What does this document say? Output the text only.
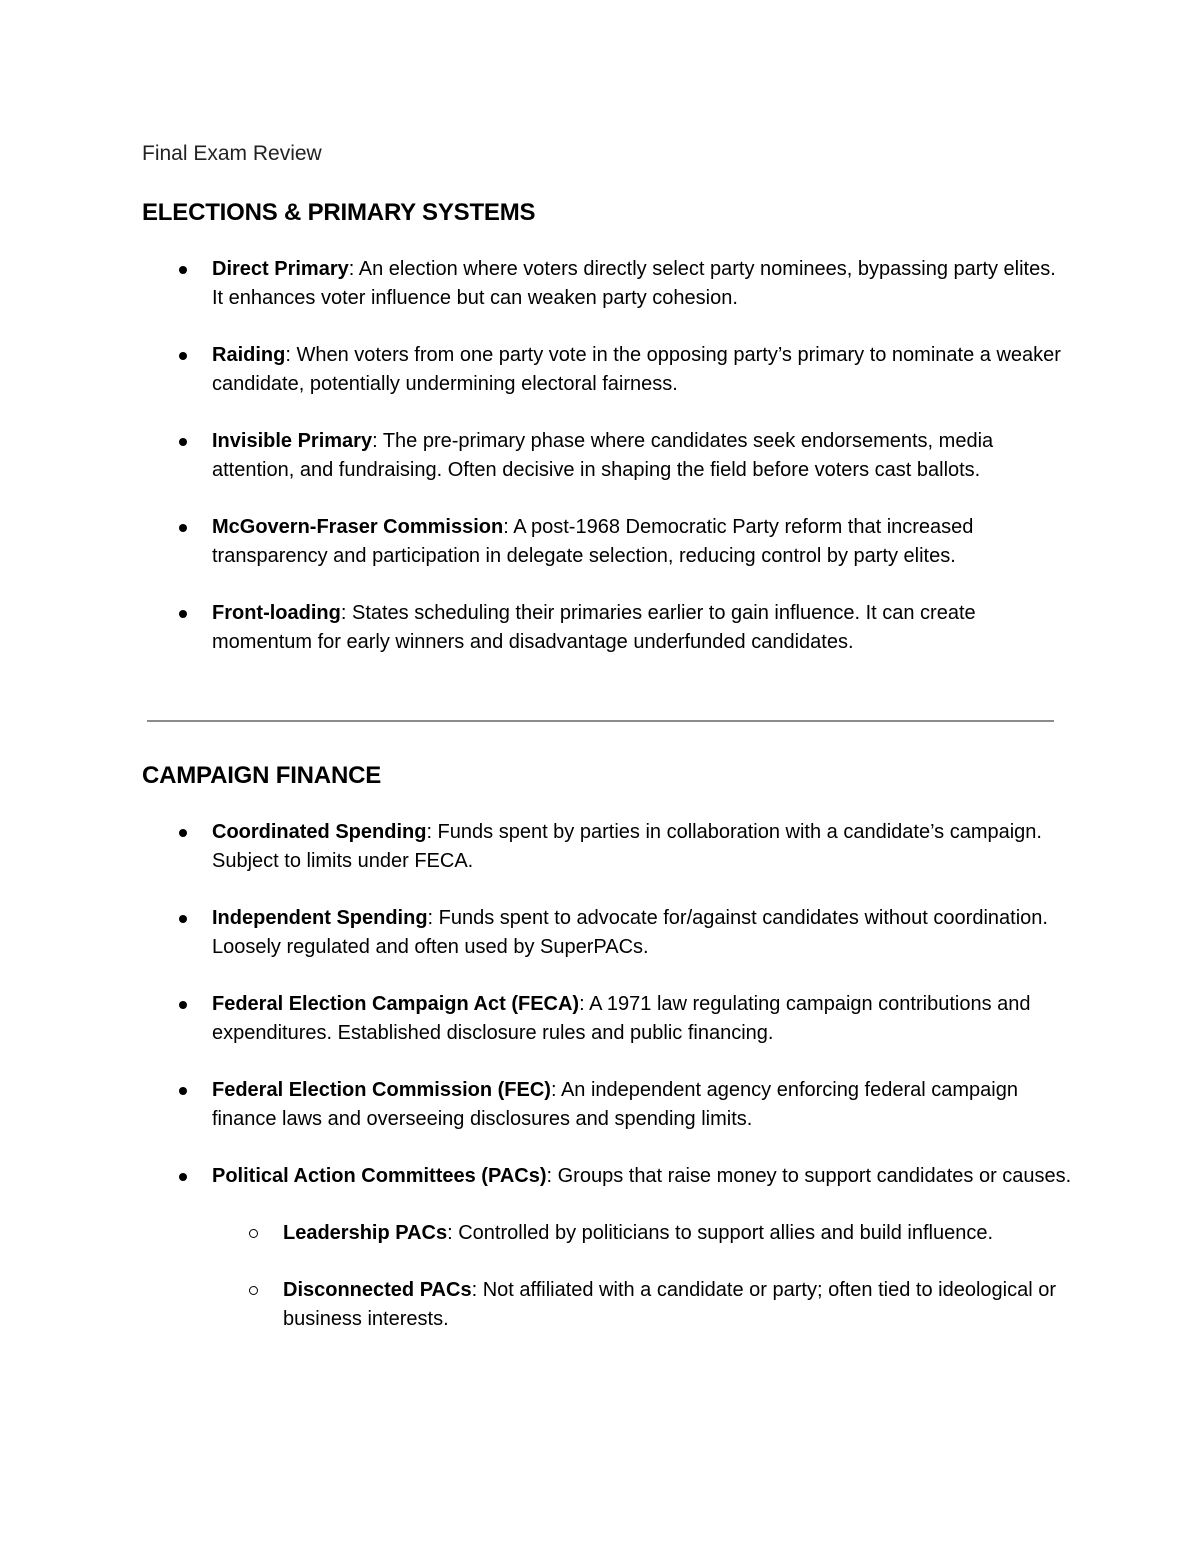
Final Exam Review
ELECTIONS & PRIMARY SYSTEMS
Direct Primary: An election where voters directly select party nominees, bypassing party elites. It enhances voter influence but can weaken party cohesion.
Raiding: When voters from one party vote in the opposing party’s primary to nominate a weaker candidate, potentially undermining electoral fairness.
Invisible Primary: The pre-primary phase where candidates seek endorsements, media attention, and fundraising. Often decisive in shaping the field before voters cast ballots.
McGovern-Fraser Commission: A post-1968 Democratic Party reform that increased transparency and participation in delegate selection, reducing control by party elites.
Front-loading: States scheduling their primaries earlier to gain influence. It can create momentum for early winners and disadvantage underfunded candidates.
CAMPAIGN FINANCE
Coordinated Spending: Funds spent by parties in collaboration with a candidate’s campaign. Subject to limits under FECA.
Independent Spending: Funds spent to advocate for/against candidates without coordination. Loosely regulated and often used by SuperPACs.
Federal Election Campaign Act (FECA): A 1971 law regulating campaign contributions and expenditures. Established disclosure rules and public financing.
Federal Election Commission (FEC): An independent agency enforcing federal campaign finance laws and overseeing disclosures and spending limits.
Political Action Committees (PACs): Groups that raise money to support candidates or causes.
Leadership PACs: Controlled by politicians to support allies and build influence.
Disconnected PACs: Not affiliated with a candidate or party; often tied to ideological or business interests.
